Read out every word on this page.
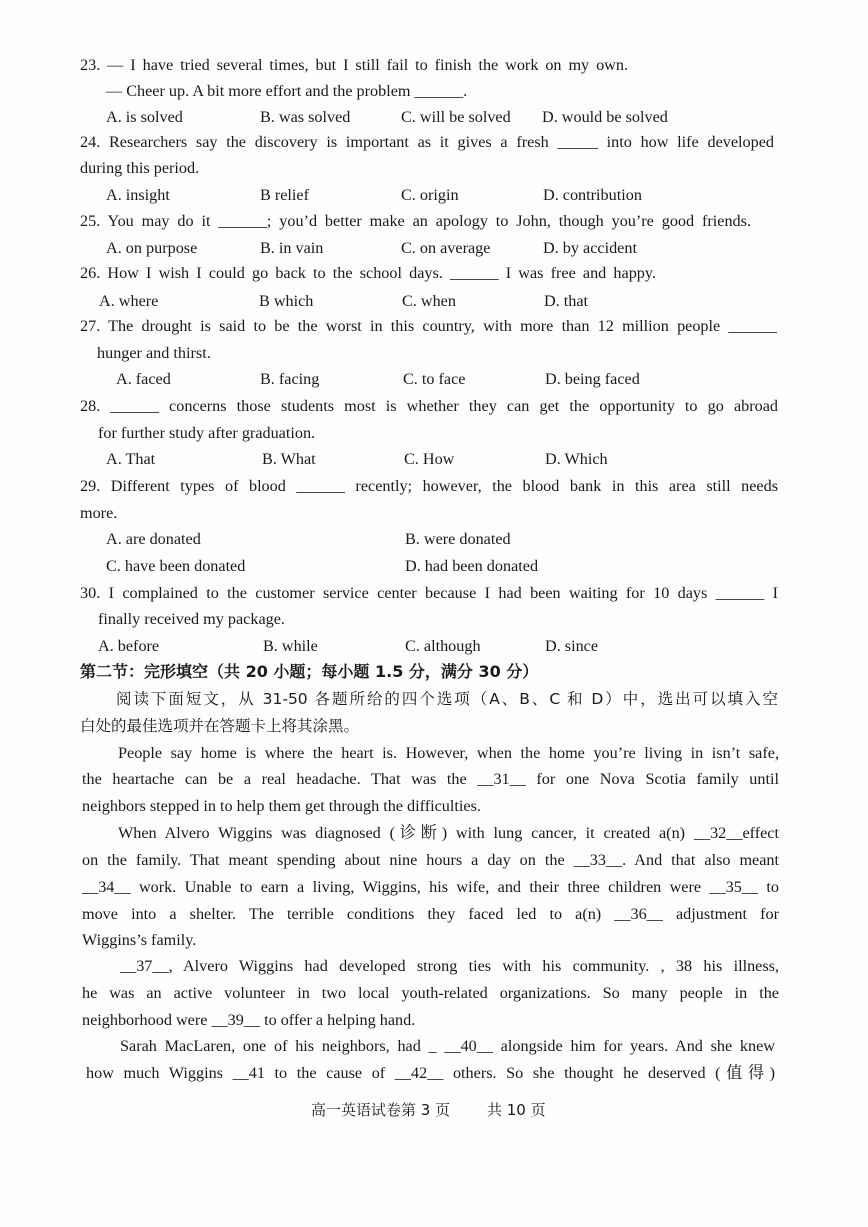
23. — I have tried several times, but I still fail to finish the work on my own.
— Cheer up. A bit more effort and the problem ______.
A. is solved	B. was solved	C. will be solved D. would be solved
24. Researchers say the discovery is important as it gives a fresh _____ into how life developed
during this period.
A. insight	B relief	C. origin	D. contribution
25. You may do it ______; you’d better make an apology to John, though you’re good friends.
A. on purpose	B. in vain	C. on average	D. by accident
26. How I wish I could go back to the school days. ______ I was free and happy.
A. where	B which	C. when	D. that
27. The drought is said to be the worst in this country, with more than 12 million people ______
hunger and thirst.
A. faced	B. facing	C. to face	D. being faced
28. ______ concerns those students most is whether they can get the opportunity to go abroad
for further study after graduation.
A. That	B. What	C. How	D. Which
29. Different types of blood ______ recently; however, the blood bank in this area still needs
more.
A. are donated	B. were donated
C. have been donated	D. had been donated
30. I complained to the customer service center because I had been waiting for 10 days ______ I
finally received my package.
A. before	B. while	C. although	D. since
第二节：完形填空（共 20 小题；每小题 1.5 分，满分 30 分）
阅读下面短文，从 31-50 各题所给的四个选项（A、B、C 和 D）中，选出可以填入空
白处的最佳选项并在答题卡上将其涂黑。
People say home is where the heart is. However, when the home you’re living in isn’t safe,
the heartache can be a real headache. That was the __31__ for one Nova Scotia family until
neighbors stepped in to help them get through the difficulties.
When Alvero Wiggins was diagnosed (诊断) with lung cancer, it created a(n) __32__effect
on the family. That meant spending about nine hours a day on the __33__. And that also meant
__34__ work. Unable to earn a living, Wiggins, his wife, and their three children were __35__ to
move into a shelter. The terrible conditions they faced led to a(n) __36__ adjustment for
Wiggins’s family.
__37__, Alvero Wiggins had developed strong ties with his community. , 38 his illness,
he was an active volunteer in two local youth-related organizations. So many people in the
neighborhood were __39__ to offer a helping hand.
Sarah MacLaren, one of his neighbors, had _ __40__ alongside him for years. And she knew
how much Wiggins __41 to the cause of __42__ others. So she thought he deserved (值得)
高一英语试卷第 3 页 共 10 页
